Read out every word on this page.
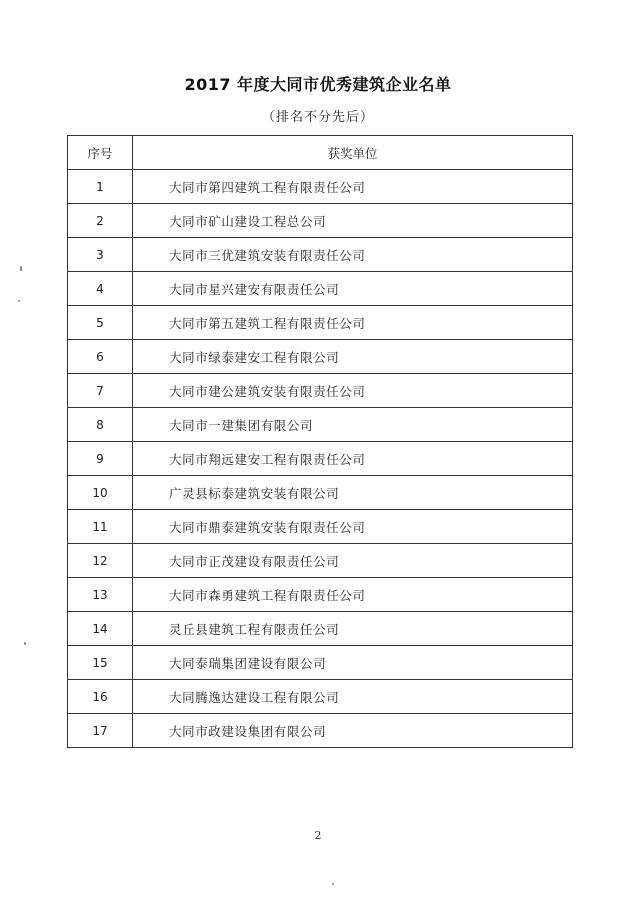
2017 年度大同市优秀建筑企业名单
（排名不分先后）
序号	获奖单位
1	大同市第四建筑工程有限责任公司
2	大同市矿山建设工程总公司
3	大同市三优建筑安装有限责任公司
4	大同市星兴建安有限责任公司
5	大同市第五建筑工程有限责任公司
6	大同市绿泰建安工程有限公司
7	大同市建公建筑安装有限责任公司
8	大同市一建集团有限公司
9	大同市翔远建安工程有限责任公司
10	广灵县标泰建筑安装有限公司
11	大同市鼎泰建筑安装有限责任公司
12	大同市正茂建设有限责任公司
13	大同市森勇建筑工程有限责任公司
14	灵丘县建筑工程有限责任公司
15	大同泰瑞集团建设有限公司
16	大同腾逸达建设工程有限公司
17	大同市政建设集团有限公司
2
